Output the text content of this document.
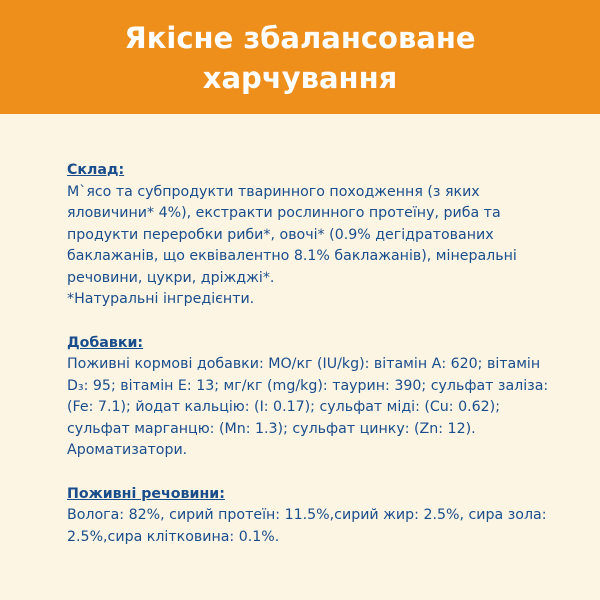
Якісне збалансоване харчування
Склад:
М`ясо та субпродукти тваринного походження (з яких яловичини* 4%), екстракти рослинного протеїну, риба та продукти переробки риби*, овочі* (0.9% дегідратованих баклажанів, що еквівалентно 8.1% баклажанів), мінеральні речовини, цукри, дріжджі*.
*Натуральні інгредієнти.
Добавки:
Поживні кормові добавки: МО/кг (IU/kg): вітамін А: 620; вітамін D₃: 95; вітамін Е: 13; мг/кг (mg/kg): таурин: 390; сульфат заліза: (Fe: 7.1); йодат кальцію: (I: 0.17); сульфат міді: (Cu: 0.62); сульфат марганцю: (Mn: 1.3); сульфат цинку: (Zn: 12). Ароматизатори.
Поживні речовини:
Волога: 82%, сирий протеїн: 11.5%,сирий жир: 2.5%, сира зола: 2.5%,сира клітковина: 0.1%.
